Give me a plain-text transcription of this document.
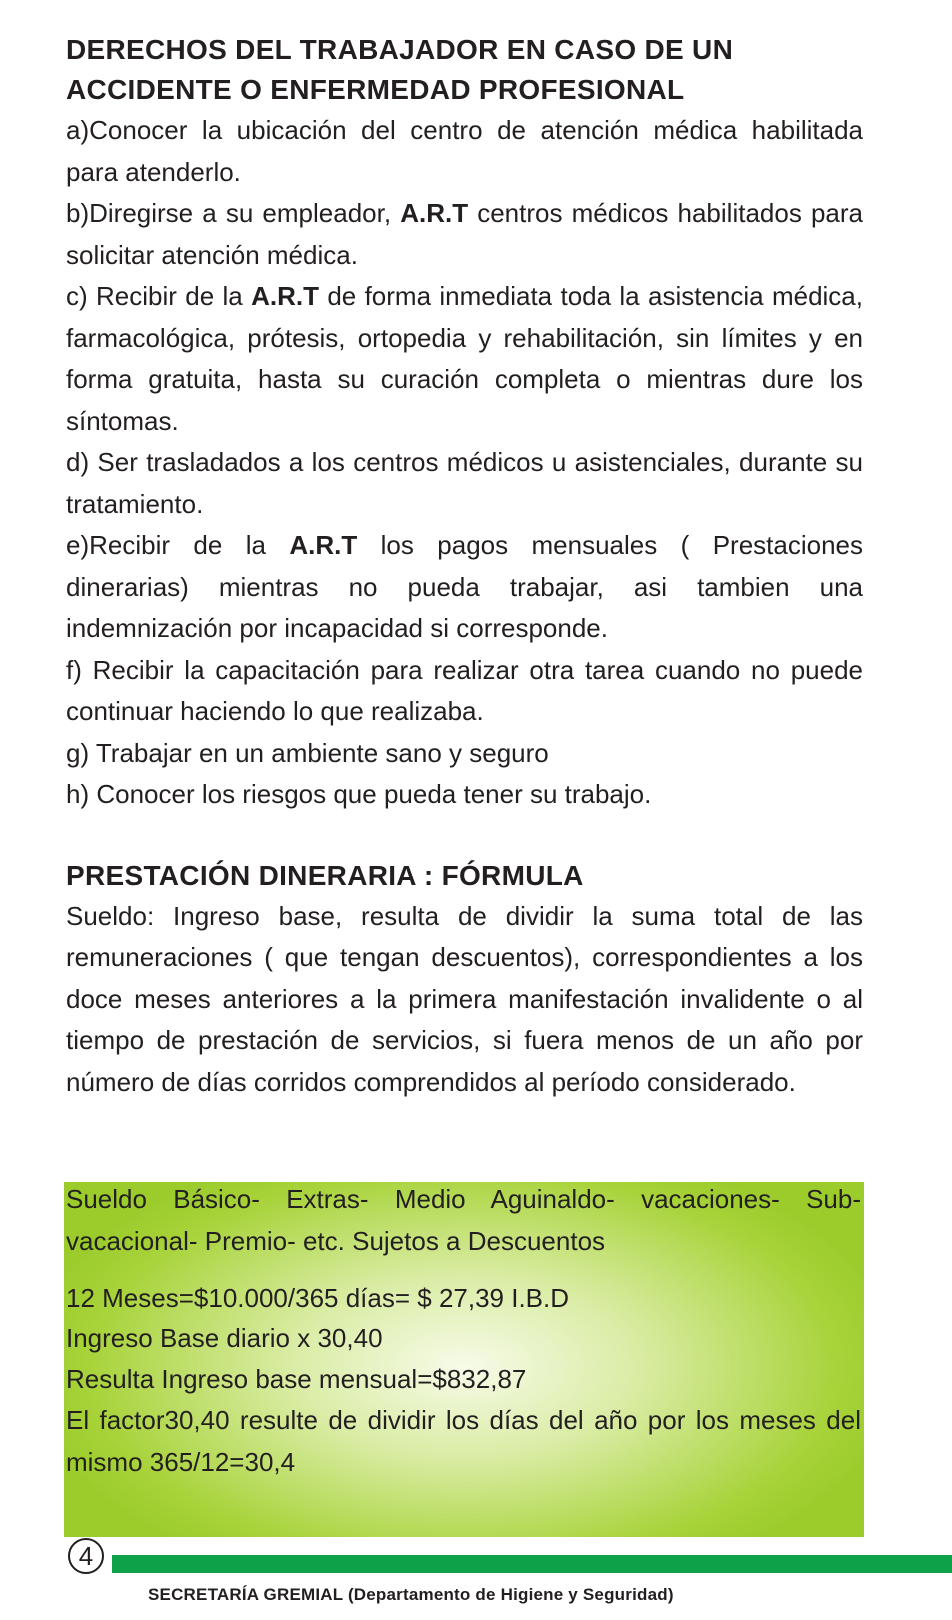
DERECHOS DEL TRABAJADOR EN CASO DE UN

ACCIDENTE O ENFERMEDAD PROFESIONAL

a)Conocer la ubicación del centro de atención médica habilitada para atenderlo.

b)Diregirse a su empleador, A.R.T centros médicos habilitados para solicitar atención médica.

c) Recibir de la A.R.T de forma inmediata toda la asistencia médica, farmacológica, prótesis, ortopedia y rehabilitación, sin límites y en forma gratuita, hasta su curación completa o mientras dure los síntomas.

d) Ser trasladados a los centros médicos u asistenciales, durante su tratamiento.

e)Recibir de la A.R.T los pagos mensuales ( Prestaciones dinerarias) mientras no pueda trabajar, asi tambien una indemnización por incapacidad si corresponde.

f) Recibir la capacitación para realizar otra tarea cuando no puede continuar haciendo lo que realizaba.

g) Trabajar en un ambiente sano y seguro

h) Conocer los riesgos que pueda tener su trabajo.

PRESTACIÓN DINERARIA : FÓRMULA

Sueldo: Ingreso base, resulta de dividir la suma total de las remuneraciones ( que tengan descuentos), correspondientes a los doce meses anteriores a la primera manifestación invalidente o al tiempo de prestación de servicios, si fuera menos de un año por número de días corridos comprendidos al período considerado.

Sueldo Básico- Extras- Medio Aguinaldo- vacaciones- Sub-vacacional- Premio- etc. Sujetos a Descuentos

12 Meses=$10.000/365 días= $ 27,39 I.B.D

Ingreso Base diario x 30,40

Resulta Ingreso base mensual=$832,87

El factor30,40 resulte de dividir los días del año por los meses del mismo 365/12=30,4

4
SECRETARÍA GREMIAL (Departamento de Higiene y Seguridad)
